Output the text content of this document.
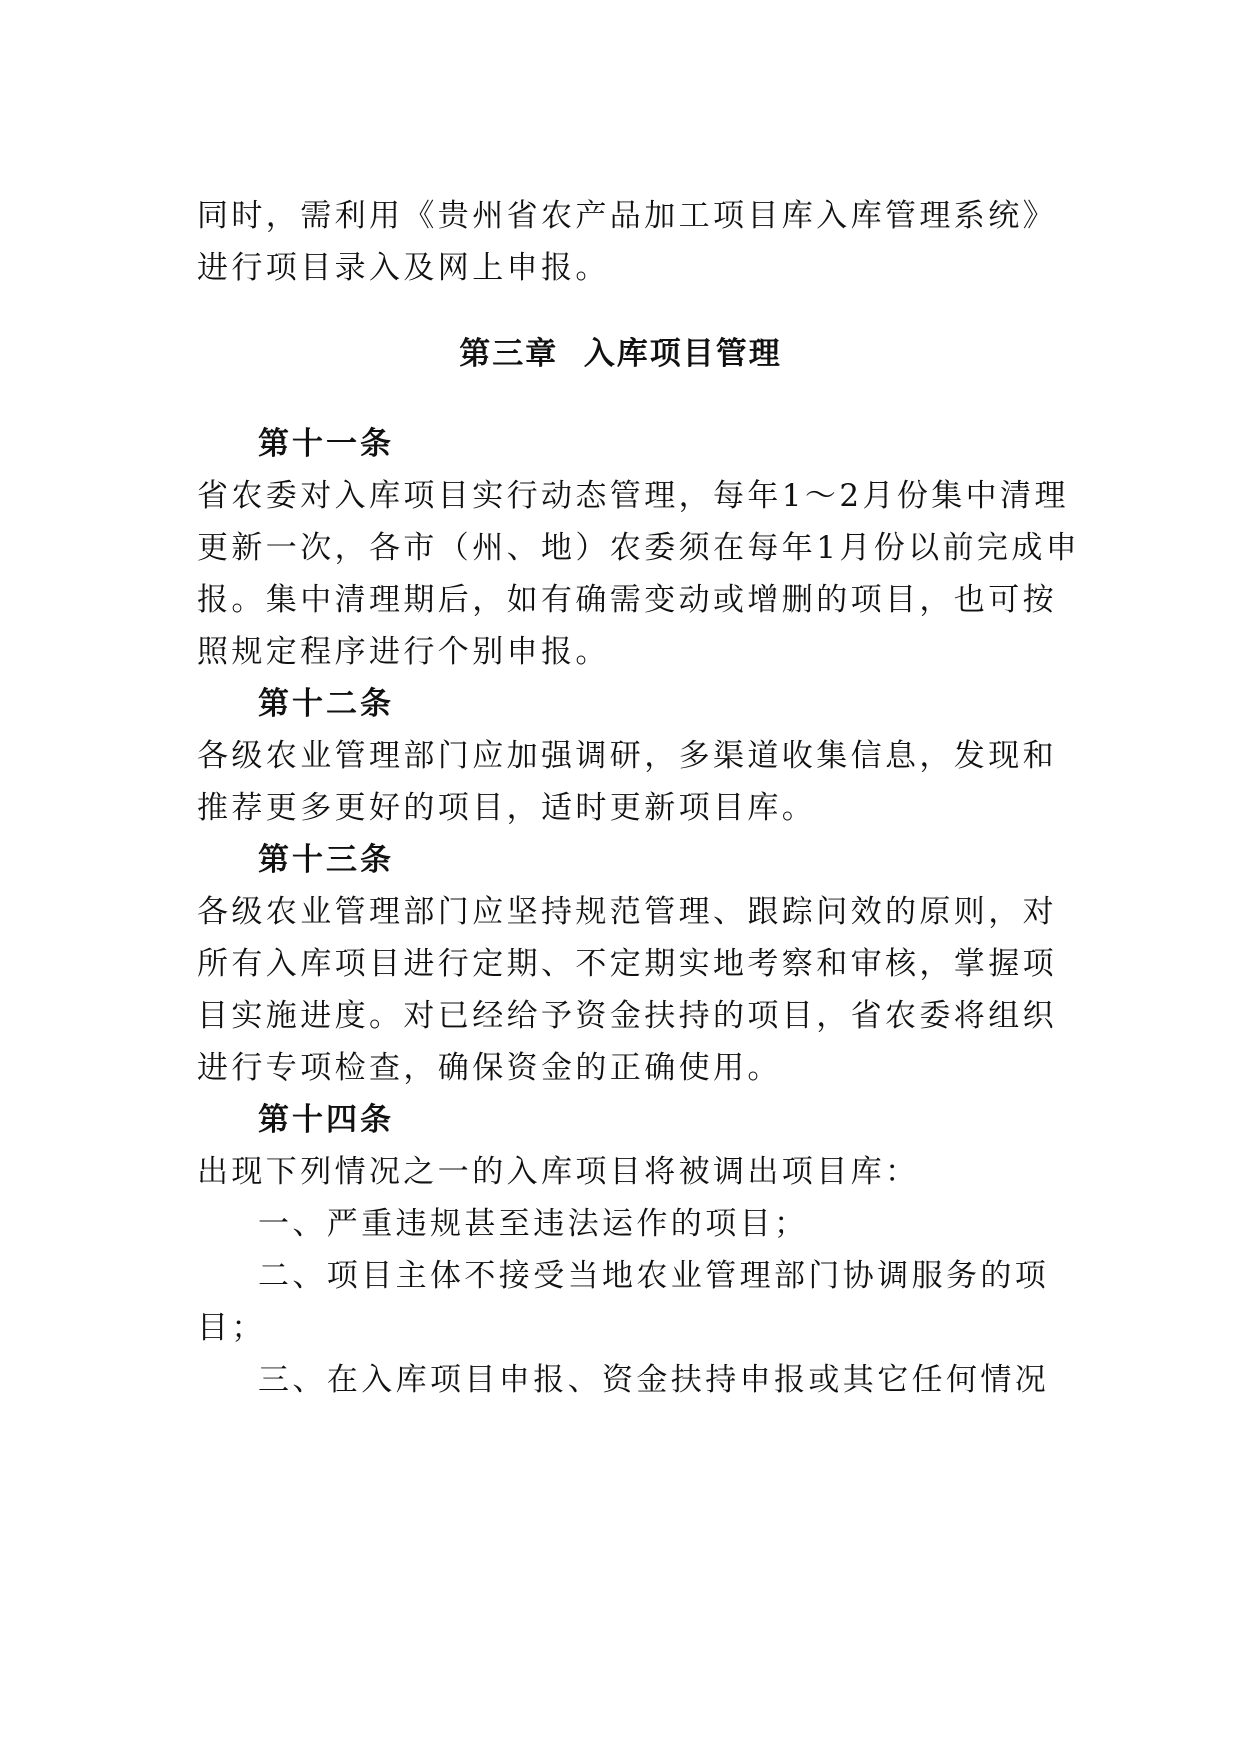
同时，需利用《贵州省农产品加工项目库入库管理系统》
进行项目录入及网上申报。
第三章  入库项目管理
第十一条
省农委对入库项目实行动态管理，每年1～2月份集中清理
更新一次，各市（州、地）农委须在每年1月份以前完成申
报。集中清理期后，如有确需变动或增删的项目，也可按
照规定程序进行个别申报。
第十二条
各级农业管理部门应加强调研，多渠道收集信息，发现和
推荐更多更好的项目，适时更新项目库。
第十三条
各级农业管理部门应坚持规范管理、跟踪问效的原则，对
所有入库项目进行定期、不定期实地考察和审核，掌握项
目实施进度。对已经给予资金扶持的项目，省农委将组织
进行专项检查，确保资金的正确使用。
第十四条
出现下列情况之一的入库项目将被调出项目库：
一、严重违规甚至违法运作的项目；
二、项目主体不接受当地农业管理部门协调服务的项
目；
三、在入库项目申报、资金扶持申报或其它任何情况
